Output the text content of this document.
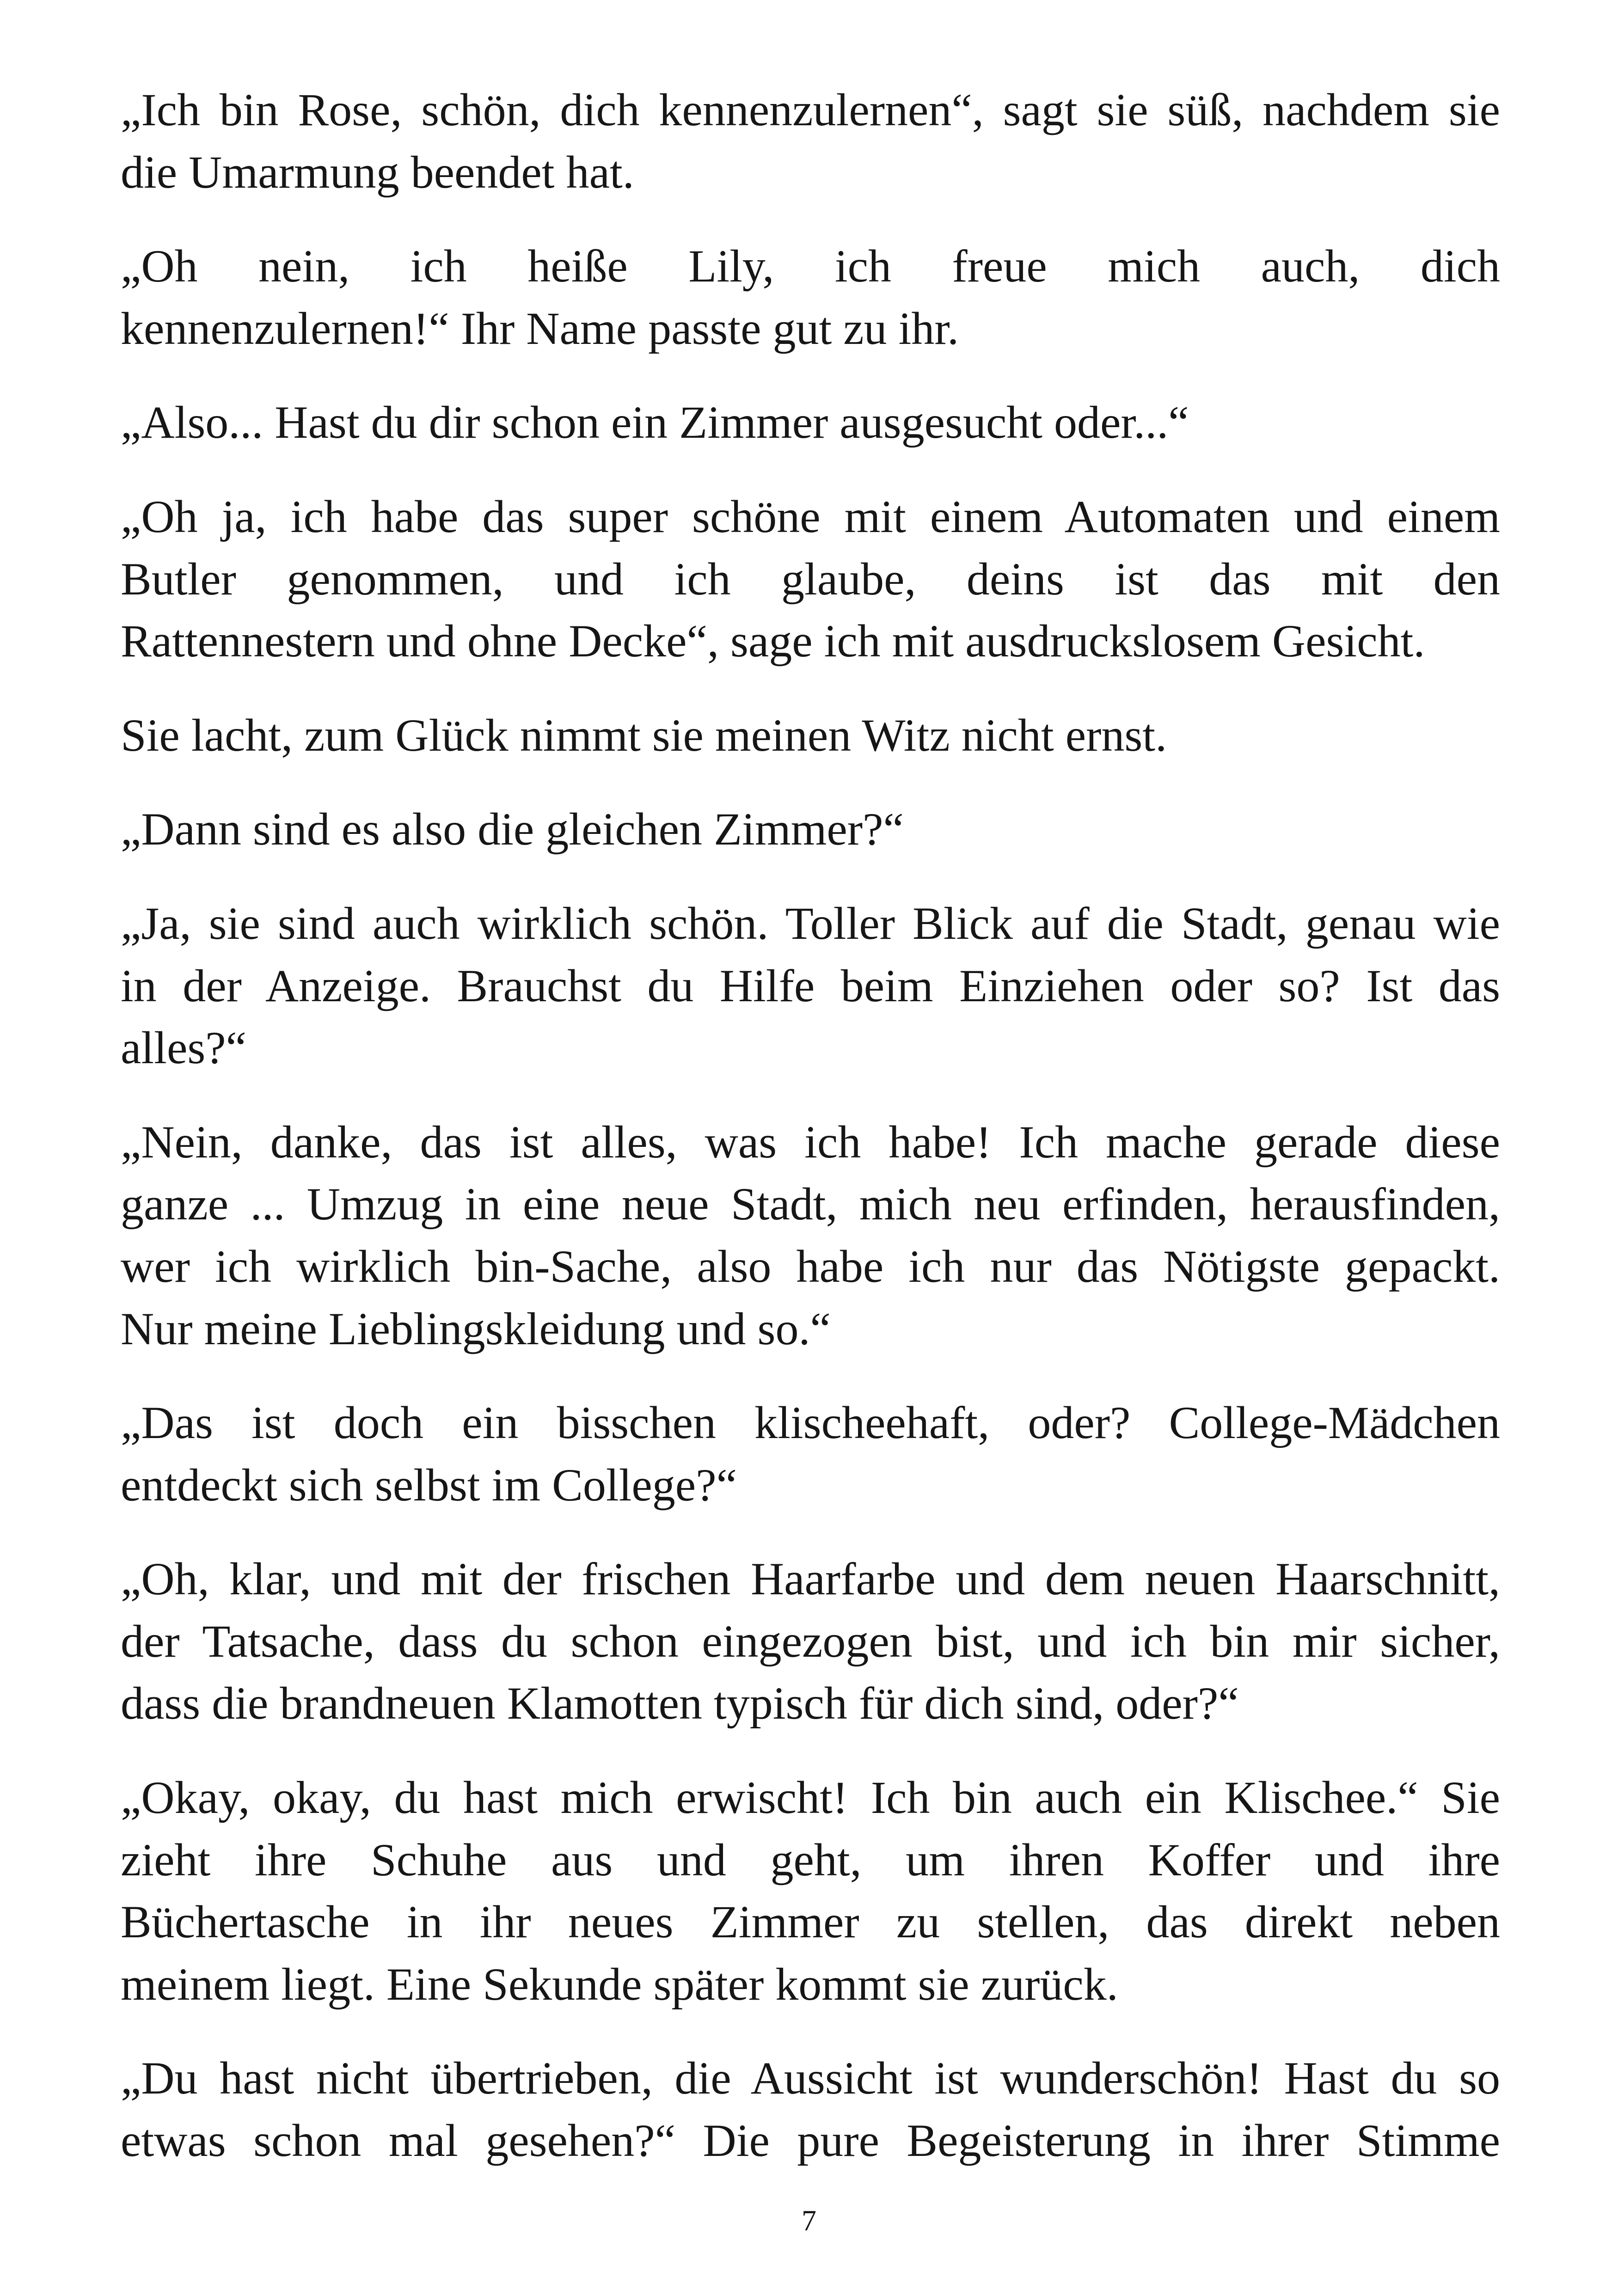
„Ich bin Rose, schön, dich kennenzulernen“, sagt sie süß, nachdem sie
die Umarmung beendet hat.

„Oh nein, ich heiße Lily, ich freue mich auch, dich
kennenzulernen!“ Ihr Name passte gut zu ihr.

„Also... Hast du dir schon ein Zimmer ausgesucht oder...“

„Oh ja, ich habe das super schöne mit einem Automaten und einem
Butler genommen, und ich glaube, deins ist das mit den
Rattennestern und ohne Decke“, sage ich mit ausdruckslosem Gesicht.

Sie lacht, zum Glück nimmt sie meinen Witz nicht ernst.

„Dann sind es also die gleichen Zimmer?“

„Ja, sie sind auch wirklich schön. Toller Blick auf die Stadt, genau wie
in der Anzeige. Brauchst du Hilfe beim Einziehen oder so? Ist das
alles?“

„Nein, danke, das ist alles, was ich habe! Ich mache gerade diese
ganze ... Umzug in eine neue Stadt, mich neu erfinden, herausfinden,
wer ich wirklich bin-Sache, also habe ich nur das Nötigste gepackt.
Nur meine Lieblingskleidung und so.“

„Das ist doch ein bisschen klischeehaft, oder? College-Mädchen
entdeckt sich selbst im College?“

„Oh, klar, und mit der frischen Haarfarbe und dem neuen Haarschnitt,
der Tatsache, dass du schon eingezogen bist, und ich bin mir sicher,
dass die brandneuen Klamotten typisch für dich sind, oder?“

„Okay, okay, du hast mich erwischt! Ich bin auch ein Klischee.“ Sie
zieht ihre Schuhe aus und geht, um ihren Koffer und ihre
Büchertasche in ihr neues Zimmer zu stellen, das direkt neben
meinem liegt. Eine Sekunde später kommt sie zurück.

„Du hast nicht übertrieben, die Aussicht ist wunderschön! Hast du so
etwas schon mal gesehen?“ Die pure Begeisterung in ihrer Stimme

7
